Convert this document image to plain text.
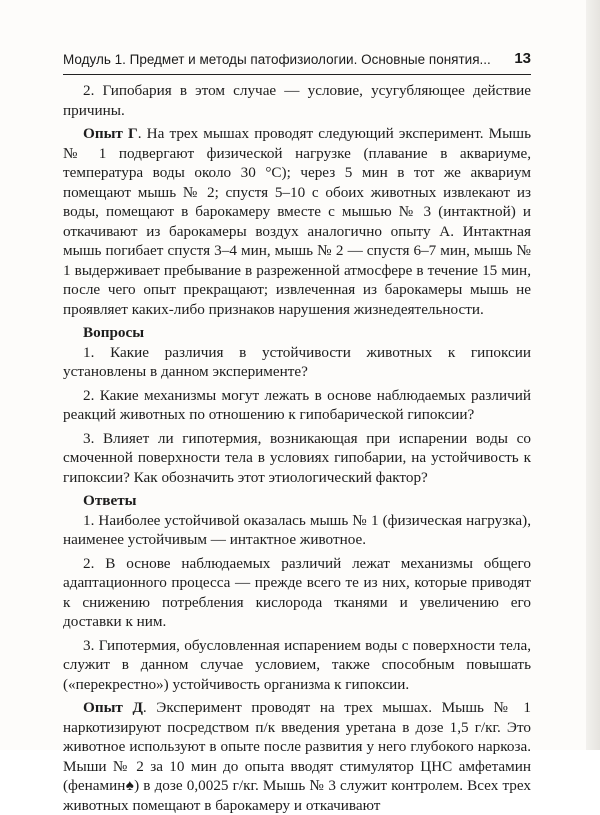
Модуль 1. Предмет и методы патофизиологии. Основные понятия... 13

2. Гипобария в этом случае — условие, усугубляющее действие причины.

Опыт Г. На трех мышах проводят следующий эксперимент. Мышь № 1 подвергают физической нагрузке (плавание в аквариуме, температура воды около 30 °С); через 5 мин в тот же аквариум помещают мышь № 2; спустя 5–10 с обоих животных извлекают из воды, помещают в барокамеру вместе с мышью № 3 (интактной) и откачивают из барокамеры воздух аналогично опыту А. Интактная мышь погибает спустя 3–4 мин, мышь № 2 — спустя 6–7 мин, мышь № 1 выдерживает пребывание в разреженной атмосфере в течение 15 мин, после чего опыт прекращают; извлеченная из барокамеры мышь не проявляет каких-либо признаков нарушения жизнедеятельности.

Вопросы

1. Какие различия в устойчивости животных к гипоксии установлены в данном эксперименте?

2. Какие механизмы могут лежать в основе наблюдаемых различий реакций животных по отношению к гипобарической гипоксии?

3. Влияет ли гипотермия, возникающая при испарении воды со смоченной поверхности тела в условиях гипобарии, на устойчивость к гипоксии? Как обозначить этот этиологический фактор?

Ответы

1. Наиболее устойчивой оказалась мышь № 1 (физическая нагрузка), наименее устойчивым — интактное животное.

2. В основе наблюдаемых различий лежат механизмы общего адаптационного процесса — прежде всего те из них, которые приводят к снижению потребления кислорода тканями и увеличению его доставки к ним.

3. Гипотермия, обусловленная испарением воды с поверхности тела, служит в данном случае условием, также способным повышать («перекрестно») устойчивость организма к гипоксии.

Опыт Д. Эксперимент проводят на трех мышах. Мышь № 1 наркотизируют посредством п/к введения уретана в дозе 1,5 г/кг. Это животное используют в опыте после развития у него глубокого наркоза. Мыши № 2 за 10 мин до опыта вводят стимулятор ЦНС амфетамин (фенамин♠) в дозе 0,0025 г/кг. Мышь № 3 служит контролем. Всех трех животных помещают в барокамеру и откачивают
